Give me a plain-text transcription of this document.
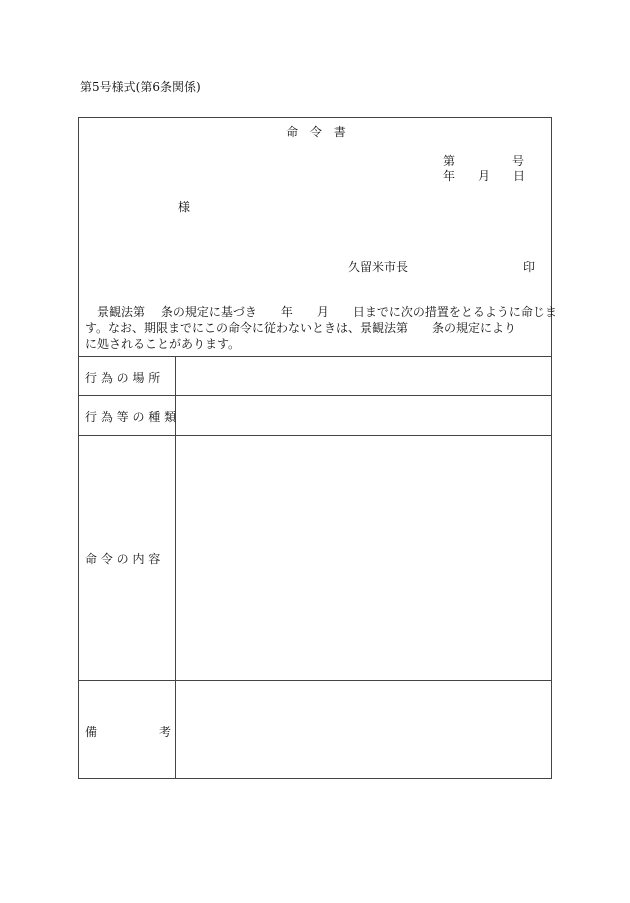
第5号様式(第6条関係)
命 令 書
第	号
年 月 日
様
久留米市長	印
　景観法第　 条の規定に基づき　　年　　月　　日までに次の措置をとるように命じま
す。なお、期限までにこの命令に従わないときは、景観法第　　条の規定により
に処されることがあります。
行 為 の 場 所
行 為 等 の 種 類
命 令 の 内 容
備	考
